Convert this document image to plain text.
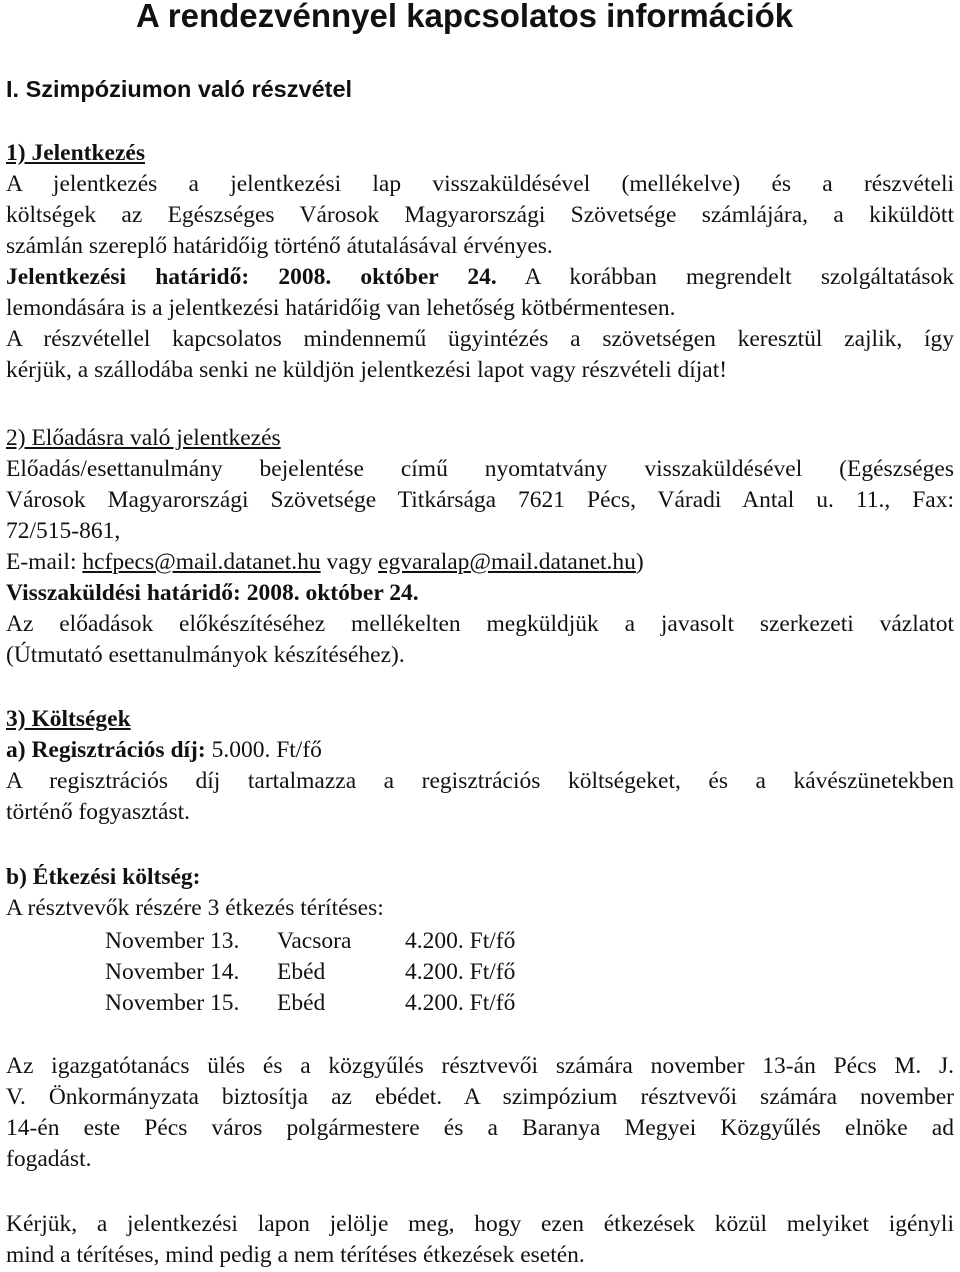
A rendezvénnyel kapcsolatos információk
I. Szimpóziumon való részvétel
1) Jelentkezés
A jelentkezés a jelentkezési lap visszaküldésével (mellékelve) és a részvételi
költségek az Egészséges Városok Magyarországi Szövetsége számlájára, a kiküldött
számlán szereplő határidőig történő átutalásával érvényes.
Jelentkezési határidő: 2008. október 24. A korábban megrendelt szolgáltatások
lemondására is a jelentkezési határidőig van lehetőség kötbérmentesen.
A részvétellel kapcsolatos mindennemű ügyintézés a szövetségen keresztül zajlik, így
kérjük, a szállodába senki ne küldjön jelentkezési lapot vagy részvételi díjat!
2) Előadásra való jelentkezés
Előadás/esettanulmány bejelentése című nyomtatvány visszaküldésével (Egészséges
Városok Magyarországi Szövetsége Titkársága 7621 Pécs, Váradi Antal u. 11., Fax:
72/515-861,
E-mail: hcfpecs@mail.datanet.hu vagy egvaralap@mail.datanet.hu)
Visszaküldési határidő: 2008. október 24.
Az előadások előkészítéséhez mellékelten megküldjük a javasolt szerkezeti vázlatot
(Útmutató esettanulmányok készítéséhez).
3) Költségek
a) Regisztrációs díj: 5.000. Ft/fő
A regisztrációs díj tartalmazza a regisztrációs költségeket, és a kávészünetekben
történő fogyasztást.
b) Étkezési költség:
A résztvevők részére 3 étkezés térítéses:
November 13.	Vacsora	4.200. Ft/fő
November 14.	Ebéd	4.200. Ft/fő
November 15.	Ebéd	4.200. Ft/fő
Az igazgatótanács ülés és a közgyűlés résztvevői számára november 13-án Pécs M. J.
V. Önkormányzata biztosítja az ebédet. A szimpózium résztvevői számára november
14-én este Pécs város polgármestere és a Baranya Megyei Közgyűlés elnöke ad
fogadást.
Kérjük, a jelentkezési lapon jelölje meg, hogy ezen étkezések közül melyiket igényli
mind a térítéses, mind pedig a nem térítéses étkezések esetén.
